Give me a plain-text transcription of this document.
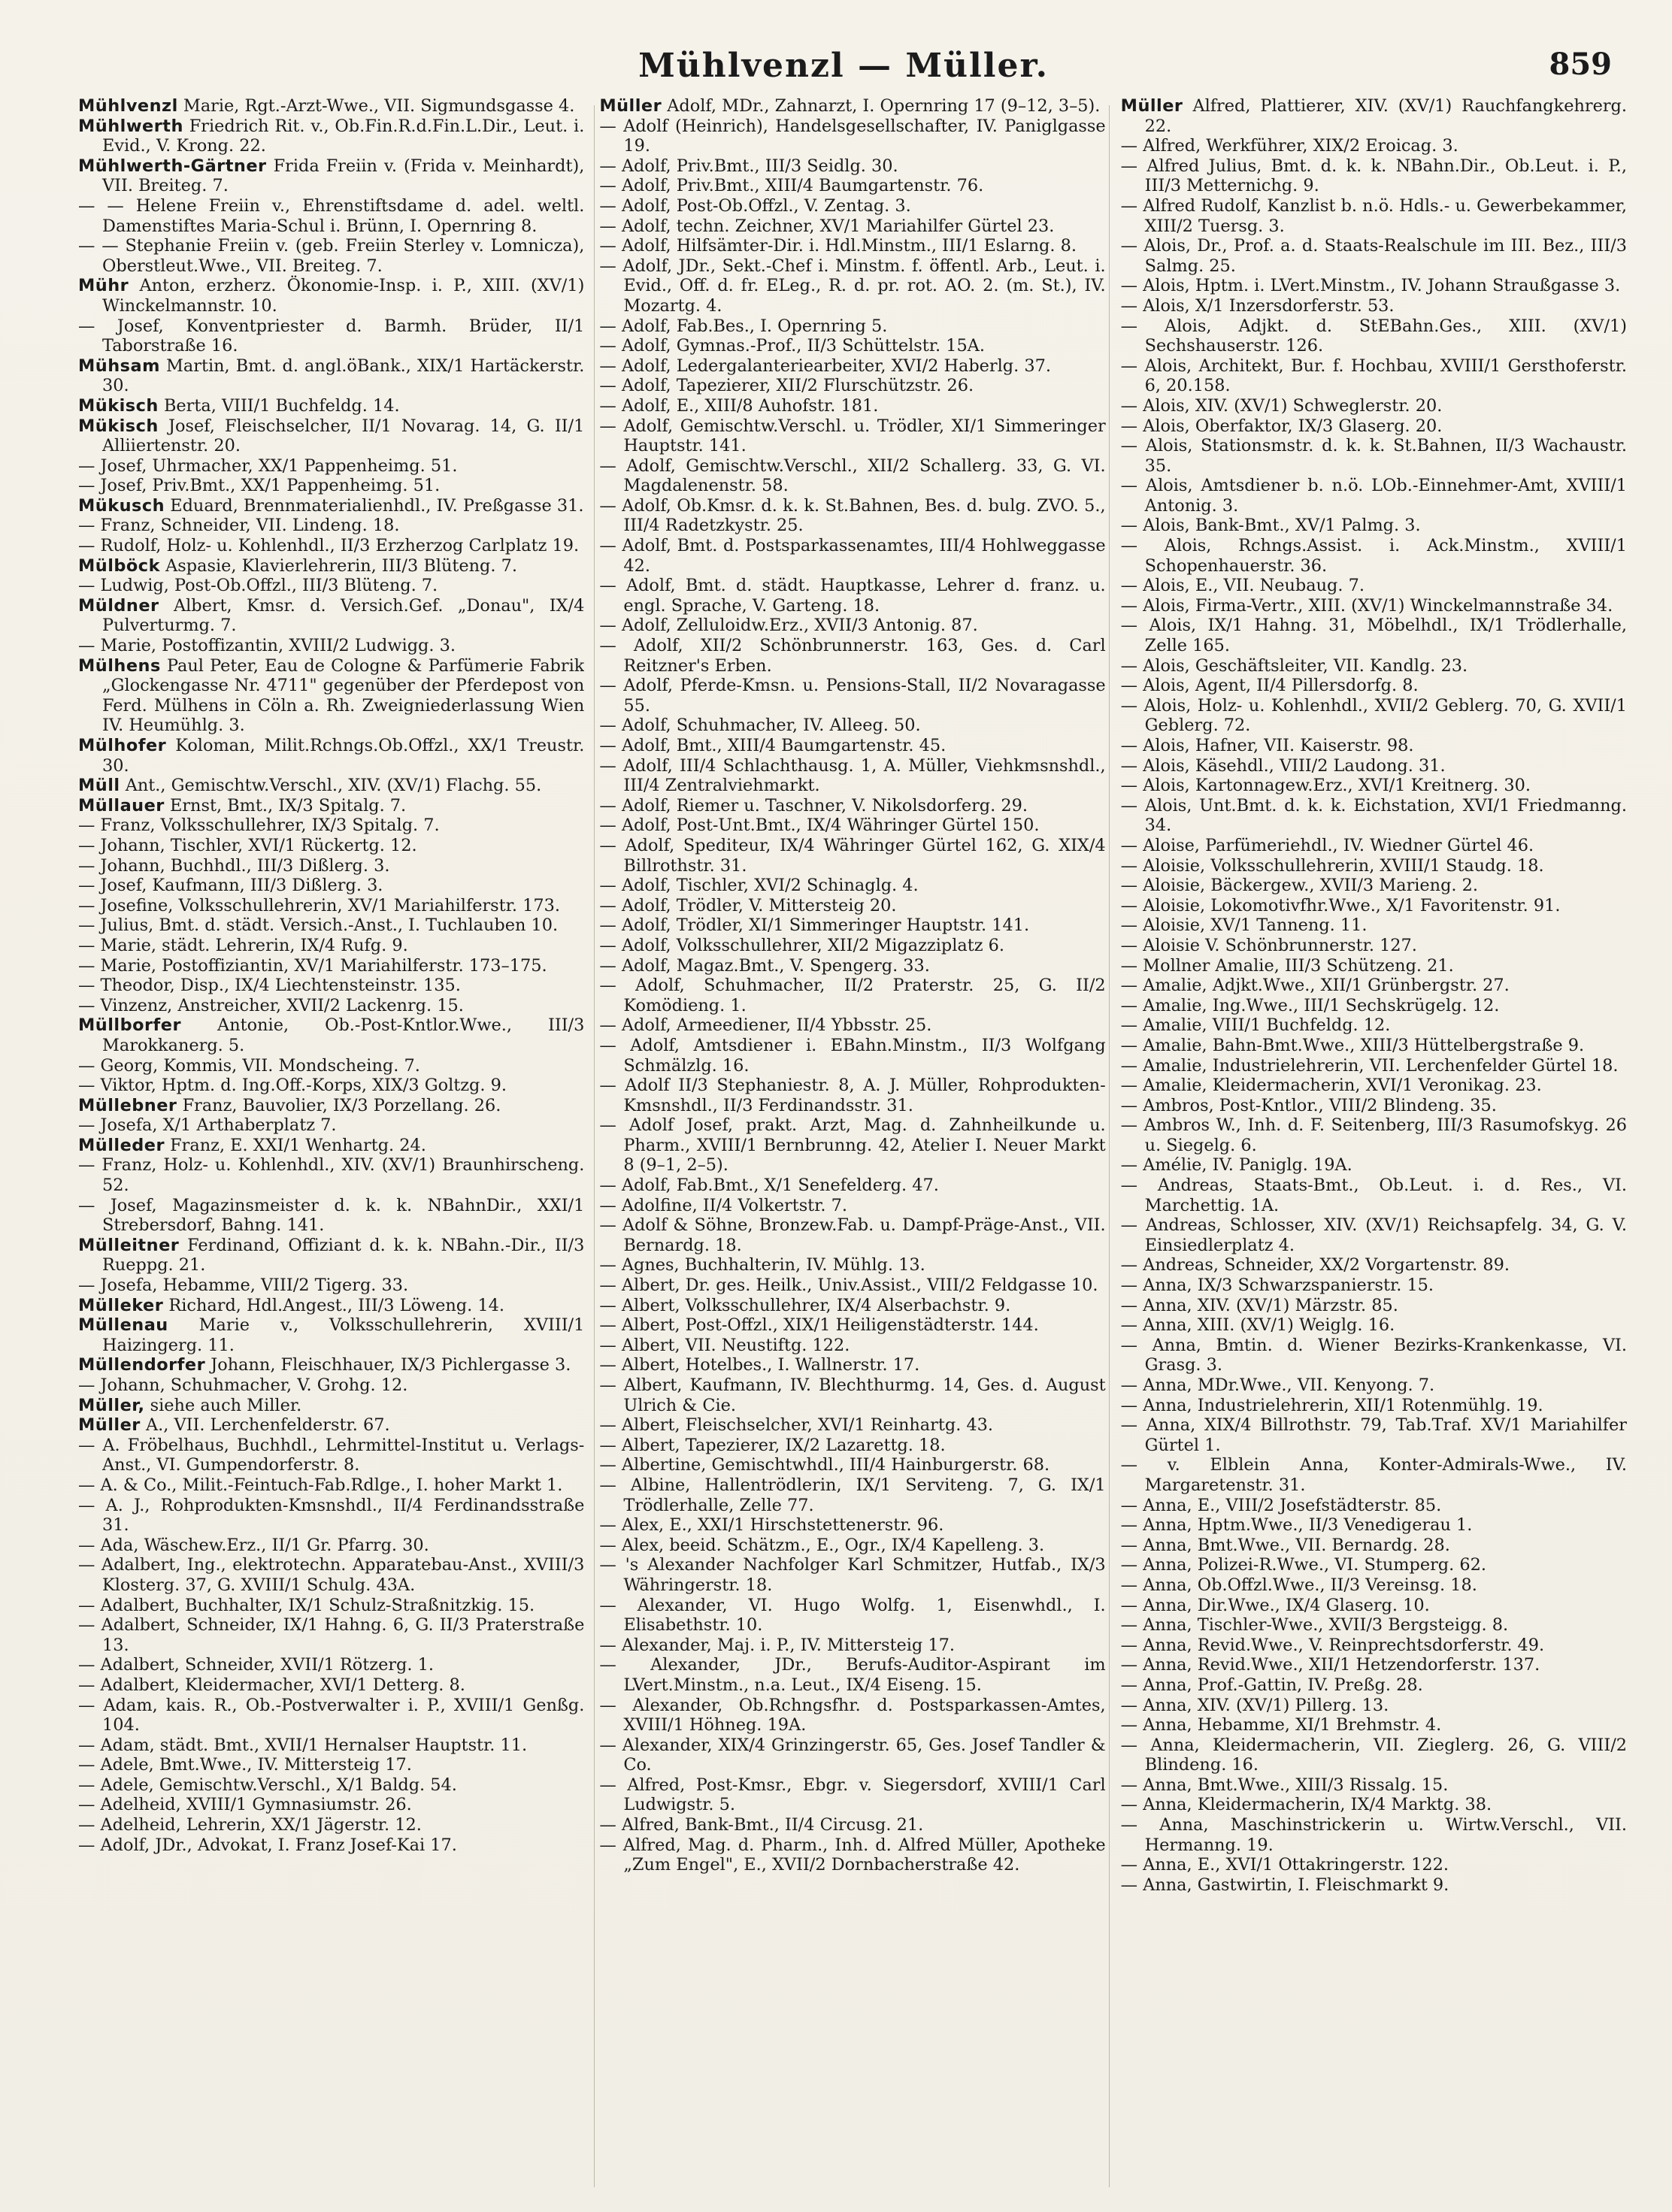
Mühlvenzl — Müller.	859

Mühlvenzl Marie, Rgt.-Arzt-Wwe., VII. Sigmundsgasse 4.

Mühlwerth Friedrich Rit. v., Ob.Fin.R.d.Fin.L.Dir., Leut. i. Evid., V. Krong. 22.

Mühlwerth-Gärtner Frida Freiin v. (Frida v. Meinhardt), VII. Breiteg. 7.

— — Helene Freiin v., Ehrenstiftsdame d. adel. weltl. Damenstiftes Maria-Schul i. Brünn, I. Opernring 8.

— — Stephanie Freiin v. (geb. Freiin Sterley v. Lomnicza), Oberstleut.Wwe., VII. Breiteg. 7.

Mühr Anton, erzherz. Ökonomie-Insp. i. P., XIII. (XV/1) Winckelmannstr. 10.

— Josef, Konventpriester d. Barmh. Brüder, II/1 Taborstraße 16.

Mühsam Martin, Bmt. d. angl.öBank., XIX/1 Hartäckerstr. 30.

Mükisch Berta, VIII/1 Buchfeldg. 14.

Mükisch Josef, Fleischselcher, II/1 Novarag. 14, G. II/1 Alliiertenstr. 20.

— Josef, Uhrmacher, XX/1 Pappenheimg. 51.

— Josef, Priv.Bmt., XX/1 Pappenheimg. 51.

Mükusch Eduard, Brennmaterialienhdl., IV. Preßgasse 31.

— Franz, Schneider, VII. Lindeng. 18.

— Rudolf, Holz- u. Kohlenhdl., II/3 Erzherzog Carlplatz 19.

Mülböck Aspasie, Klavierlehrerin, III/3 Blüteng. 7.

— Ludwig, Post-Ob.Offzl., III/3 Blüteng. 7.

Müldner Albert, Kmsr. d. Versich.Gef. „Donau", IX/4 Pulverturmg. 7.

— Marie, Postoffizantin, XVIII/2 Ludwigg. 3.

Mülhens Paul Peter, Eau de Cologne & Parfümerie Fabrik „Glockengasse Nr. 4711" gegenüber der Pferdepost von Ferd. Mülhens in Cöln a. Rh. Zweigniederlassung Wien IV. Heumühlg. 3.

Mülhofer Koloman, Milit.Rchngs.Ob.Offzl., XX/1 Treustr. 30.

Müll Ant., Gemischtw.Verschl., XIV. (XV/1) Flachg. 55.

Müllauer Ernst, Bmt., IX/3 Spitalg. 7.

— Franz, Volksschullehrer, IX/3 Spitalg. 7.

— Johann, Tischler, XVI/1 Rückertg. 12.

— Johann, Buchhdl., III/3 Dißlerg. 3.

— Josef, Kaufmann, III/3 Dißlerg. 3.

— Josefine, Volksschullehrerin, XV/1 Mariahilferstr. 173.

— Julius, Bmt. d. städt. Versich.-Anst., I. Tuchlauben 10.

— Marie, städt. Lehrerin, IX/4 Rufg. 9.

— Marie, Postoffiziantin, XV/1 Mariahilferstr. 173–175.

— Theodor, Disp., IX/4 Liechtensteinstr. 135.

— Vinzenz, Anstreicher, XVII/2 Lackenrg. 15.

Müllborfer Antonie, Ob.-Post-Kntlor.Wwe., III/3 Marokkanerg. 5.

— Georg, Kommis, VII. Mondscheing. 7.

— Viktor, Hptm. d. Ing.Off.-Korps, XIX/3 Goltzg. 9.

Müllebner Franz, Bauvolier, IX/3 Porzellang. 26.

— Josefa, X/1 Arthaberplatz 7.

Mülleder Franz, E. XXI/1 Wenhartg. 24.

— Franz, Holz- u. Kohlenhdl., XIV. (XV/1) Braunhirscheng. 52.

— Josef, Magazinsmeister d. k. k. NBahnDir., XXI/1 Strebersdorf, Bahng. 141.

Mülleitner Ferdinand, Offiziant d. k. k. NBahn.-Dir., II/3 Rueppg. 21.

— Josefa, Hebamme, VIII/2 Tigerg. 33.

Mülleker Richard, Hdl.Angest., III/3 Löweng. 14.

Müllenau Marie v., Volksschullehrerin, XVIII/1 Haizingerg. 11.

Müllendorfer Johann, Fleischhauer, IX/3 Pichlergasse 3.

— Johann, Schuhmacher, V. Grohg. 12.

Müller, siehe auch Miller.

Müller A., VII. Lerchenfelderstr. 67.

— A. Fröbelhaus, Buchhdl., Lehrmittel-Institut u. Verlags-Anst., VI. Gumpendorferstr. 8.

— A. & Co., Milit.-Feintuch-Fab.Rdlge., I. hoher Markt 1.

— A. J., Rohprodukten-Kmsnshdl., II/4 Ferdinandsstraße 31.

— Ada, Wäschew.Erz., II/1 Gr. Pfarrg. 30.

— Adalbert, Ing., elektrotechn. Apparatebau-Anst., XVIII/3 Klosterg. 37, G. XVIII/1 Schulg. 43A.

— Adalbert, Buchhalter, IX/1 Schulz-Straßnitzkig. 15.

— Adalbert, Schneider, IX/1 Hahng. 6, G. II/3 Praterstraße 13.

— Adalbert, Schneider, XVII/1 Rötzerg. 1.

— Adalbert, Kleidermacher, XVI/1 Detterg. 8.

— Adam, kais. R., Ob.-Postverwalter i. P., XVIII/1 Genßg. 104.

— Adam, städt. Bmt., XVII/1 Hernalser Hauptstr. 11.

— Adele, Bmt.Wwe., IV. Mittersteig 17.

— Adele, Gemischtw.Verschl., X/1 Baldg. 54.

— Adelheid, XVIII/1 Gymnasiumstr. 26.

— Adelheid, Lehrerin, XX/1 Jägerstr. 12.

— Adolf, JDr., Advokat, I. Franz Josef-Kai 17.

Müller Adolf, MDr., Zahnarzt, I. Opernring 17 (9–12, 3–5).

— Adolf (Heinrich), Handelsgesellschafter, IV. Paniglgasse 19.

— Adolf, Priv.Bmt., III/3 Seidlg. 30.

— Adolf, Priv.Bmt., XIII/4 Baumgartenstr. 76.

— Adolf, Post-Ob.Offzl., V. Zentag. 3.

— Adolf, techn. Zeichner, XV/1 Mariahilfer Gürtel 23.

— Adolf, Hilfsämter-Dir. i. Hdl.Minstm., III/1 Eslarng. 8.

— Adolf, JDr., Sekt.-Chef i. Minstm. f. öffentl. Arb., Leut. i. Evid., Off. d. fr. ELeg., R. d. pr. rot. AO. 2. (m. St.), IV. Mozartg. 4.

— Adolf, Fab.Bes., I. Opernring 5.

— Adolf, Gymnas.-Prof., II/3 Schüttelstr. 15A.

— Adolf, Ledergalanteriearbeiter, XVI/2 Haberlg. 37.

— Adolf, Tapezierer, XII/2 Flurschützstr. 26.

— Adolf, E., XIII/8 Auhofstr. 181.

— Adolf, Gemischtw.Verschl. u. Trödler, XI/1 Simmeringer Hauptstr. 141.

— Adolf, Gemischtw.Verschl., XII/2 Schallerg. 33, G. VI. Magdalenenstr. 58.

— Adolf, Ob.Kmsr. d. k. k. St.Bahnen, Bes. d. bulg. ZVO. 5., III/4 Radetzkystr. 25.

— Adolf, Bmt. d. Postsparkassenamtes, III/4 Hohlweggasse 42.

— Adolf, Bmt. d. städt. Hauptkasse, Lehrer d. franz. u. engl. Sprache, V. Garteng. 18.

— Adolf, Zelluloidw.Erz., XVII/3 Antonig. 87.

— Adolf, XII/2 Schönbrunnerstr. 163, Ges. d. Carl Reitzner's Erben.

— Adolf, Pferde-Kmsn. u. Pensions-Stall, II/2 Novaragasse 55.

— Adolf, Schuhmacher, IV. Alleeg. 50.

— Adolf, Bmt., XIII/4 Baumgartenstr. 45.

— Adolf, III/4 Schlachthausg. 1, A. Müller, Viehkmsnshdl., III/4 Zentralviehmarkt.

— Adolf, Riemer u. Taschner, V. Nikolsdorferg. 29.

— Adolf, Post-Unt.Bmt., IX/4 Währinger Gürtel 150.

— Adolf, Spediteur, IX/4 Währinger Gürtel 162, G. XIX/4 Billrothstr. 31.

— Adolf, Tischler, XVI/2 Schinaglg. 4.

— Adolf, Trödler, V. Mittersteig 20.

— Adolf, Trödler, XI/1 Simmeringer Hauptstr. 141.

— Adolf, Volksschullehrer, XII/2 Migazziplatz 6.

— Adolf, Magaz.Bmt., V. Spengerg. 33.

— Adolf, Schuhmacher, II/2 Praterstr. 25, G. II/2 Komödieng. 1.

— Adolf, Armeediener, II/4 Ybbsstr. 25.

— Adolf, Amtsdiener i. EBahn.Minstm., II/3 Wolfgang Schmälzlg. 16.

— Adolf II/3 Stephaniestr. 8, A. J. Müller, Rohprodukten-Kmsnshdl., II/3 Ferdinandsstr. 31.

— Adolf Josef, prakt. Arzt, Mag. d. Zahnheilkunde u. Pharm., XVIII/1 Bernbrunng. 42, Atelier I. Neuer Markt 8 (9–1, 2–5).

— Adolf, Fab.Bmt., X/1 Senefelderg. 47.

— Adolfine, II/4 Volkertstr. 7.

— Adolf & Söhne, Bronzew.Fab. u. Dampf-Präge-Anst., VII. Bernardg. 18.

— Agnes, Buchhalterin, IV. Mühlg. 13.

— Albert, Dr. ges. Heilk., Univ.Assist., VIII/2 Feldgasse 10.

— Albert, Volksschullehrer, IX/4 Alserbachstr. 9.

— Albert, Post-Offzl., XIX/1 Heiligenstädterstr. 144.

— Albert, VII. Neustiftg. 122.

— Albert, Hotelbes., I. Wallnerstr. 17.

— Albert, Kaufmann, IV. Blechthurmg. 14, Ges. d. August Ulrich & Cie.

— Albert, Fleischselcher, XVI/1 Reinhartg. 43.

— Albert, Tapezierer, IX/2 Lazarettg. 18.

— Albertine, Gemischtwhdl., III/4 Hainburgerstr. 68.

— Albine, Hallentrödlerin, IX/1 Serviteng. 7, G. IX/1 Trödlerhalle, Zelle 77.

— Alex, E., XXI/1 Hirschstettenerstr. 96.

— Alex, beeid. Schätzm., E., Ogr., IX/4 Kapelleng. 3.

— 's Alexander Nachfolger Karl Schmitzer, Hutfab., IX/3 Währingerstr. 18.

— Alexander, VI. Hugo Wolfg. 1, Eisenwhdl., I. Elisabethstr. 10.

— Alexander, Maj. i. P., IV. Mittersteig 17.

— Alexander, JDr., Berufs-Auditor-Aspirant im LVert.Minstm., n.a. Leut., IX/4 Eiseng. 15.

— Alexander, Ob.Rchngsfhr. d. Postsparkassen-Amtes, XVIII/1 Höhneg. 19A.

— Alexander, XIX/4 Grinzingerstr. 65, Ges. Josef Tandler & Co.

— Alfred, Post-Kmsr., Ebgr. v. Siegersdorf, XVIII/1 Carl Ludwigstr. 5.

— Alfred, Bank-Bmt., II/4 Circusg. 21.

— Alfred, Mag. d. Pharm., Inh. d. Alfred Müller, Apotheke „Zum Engel", E., XVII/2 Dornbacherstraße 42.

Müller Alfred, Plattierer, XIV. (XV/1) Rauchfangkehrerg. 22.

— Alfred, Werkführer, XIX/2 Eroicag. 3.

— Alfred Julius, Bmt. d. k. k. NBahn.Dir., Ob.Leut. i. P., III/3 Metternichg. 9.

— Alfred Rudolf, Kanzlist b. n.ö. Hdls.- u. Gewerbekammer, XIII/2 Tuersg. 3.

— Alois, Dr., Prof. a. d. Staats-Realschule im III. Bez., III/3 Salmg. 25.

— Alois, Hptm. i. LVert.Minstm., IV. Johann Straußgasse 3.

— Alois, X/1 Inzersdorferstr. 53.

— Alois, Adjkt. d. StEBahn.Ges., XIII. (XV/1) Sechshauserstr. 126.

— Alois, Architekt, Bur. f. Hochbau, XVIII/1 Gersthoferstr. 6, 20.158.

— Alois, XIV. (XV/1) Schweglerstr. 20.

— Alois, Oberfaktor, IX/3 Glaserg. 20.

— Alois, Stationsmstr. d. k. k. St.Bahnen, II/3 Wachaustr. 35.

— Alois, Amtsdiener b. n.ö. LOb.-Einnehmer-Amt, XVIII/1 Antonig. 3.

— Alois, Bank-Bmt., XV/1 Palmg. 3.

— Alois, Rchngs.Assist. i. Ack.Minstm., XVIII/1 Schopenhauerstr. 36.

— Alois, E., VII. Neubaug. 7.

— Alois, Firma-Vertr., XIII. (XV/1) Winckelmannstraße 34.

— Alois, IX/1 Hahng. 31, Möbelhdl., IX/1 Trödlerhalle, Zelle 165.

— Alois, Geschäftsleiter, VII. Kandlg. 23.

— Alois, Agent, II/4 Pillersdorfg. 8.

— Alois, Holz- u. Kohlenhdl., XVII/2 Geblerg. 70, G. XVII/1 Geblerg. 72.

— Alois, Hafner, VII. Kaiserstr. 98.

— Alois, Käsehdl., VIII/2 Laudong. 31.

— Alois, Kartonnagew.Erz., XVI/1 Kreitnerg. 30.

— Alois, Unt.Bmt. d. k. k. Eichstation, XVI/1 Friedmanng. 34.

— Aloise, Parfümeriehdl., IV. Wiedner Gürtel 46.

— Aloisie, Volksschullehrerin, XVIII/1 Staudg. 18.

— Aloisie, Bäckergew., XVII/3 Marieng. 2.

— Aloisie, Lokomotivfhr.Wwe., X/1 Favoritenstr. 91.

— Aloisie, XV/1 Tanneng. 11.

— Aloisie V. Schönbrunnerstr. 127.

— Mollner Amalie, III/3 Schützeng. 21.

— Amalie, Adjkt.Wwe., XII/1 Grünbergstr. 27.

— Amalie, Ing.Wwe., III/1 Sechskrügelg. 12.

— Amalie, VIII/1 Buchfeldg. 12.

— Amalie, Bahn-Bmt.Wwe., XIII/3 Hüttelbergstraße 9.

— Amalie, Industrielehrerin, VII. Lerchenfelder Gürtel 18.

— Amalie, Kleidermacherin, XVI/1 Veronikag. 23.

— Ambros, Post-Kntlor., VIII/2 Blindeng. 35.

— Ambros W., Inh. d. F. Seitenberg, III/3 Rasumofskyg. 26 u. Siegelg. 6.

— Amélie, IV. Paniglg. 19A.

— Andreas, Staats-Bmt., Ob.Leut. i. d. Res., VI. Marchettig. 1A.

— Andreas, Schlosser, XIV. (XV/1) Reichsapfelg. 34, G. V. Einsiedlerplatz 4.

— Andreas, Schneider, XX/2 Vorgartenstr. 89.

— Anna, IX/3 Schwarzspanierstr. 15.

— Anna, XIV. (XV/1) Märzstr. 85.

— Anna, XIII. (XV/1) Weiglg. 16.

— Anna, Bmtin. d. Wiener Bezirks-Krankenkasse, VI. Grasg. 3.

— Anna, MDr.Wwe., VII. Kenyong. 7.

— Anna, Industrielehrerin, XII/1 Rotenmühlg. 19.

— Anna, XIX/4 Billrothstr. 79, Tab.Traf. XV/1 Mariahilfer Gürtel 1.

— v. Elblein Anna, Konter-Admirals-Wwe., IV. Margaretenstr. 31.

— Anna, E., VIII/2 Josefstädterstr. 85.

— Anna, Hptm.Wwe., II/3 Venedigerau 1.

— Anna, Bmt.Wwe., VII. Bernardg. 28.

— Anna, Polizei-R.Wwe., VI. Stumperg. 62.

— Anna, Ob.Offzl.Wwe., II/3 Vereinsg. 18.

— Anna, Dir.Wwe., IX/4 Glaserg. 10.

— Anna, Tischler-Wwe., XVII/3 Bergsteigg. 8.

— Anna, Revid.Wwe., V. Reinprechtsdorferstr. 49.

— Anna, Revid.Wwe., XII/1 Hetzendorferstr. 137.

— Anna, Prof.-Gattin, IV. Preßg. 28.

— Anna, XIV. (XV/1) Pillerg. 13.

— Anna, Hebamme, XI/1 Brehmstr. 4.

— Anna, Kleidermacherin, VII. Zieglerg. 26, G. VIII/2 Blindeng. 16.

— Anna, Bmt.Wwe., XIII/3 Rissalg. 15.

— Anna, Kleidermacherin, IX/4 Marktg. 38.

— Anna, Maschinstrickerin u. Wirtw.Verschl., VII. Hermanng. 19.

— Anna, E., XVI/1 Ottakringerstr. 122.

— Anna, Gastwirtin, I. Fleischmarkt 9.
